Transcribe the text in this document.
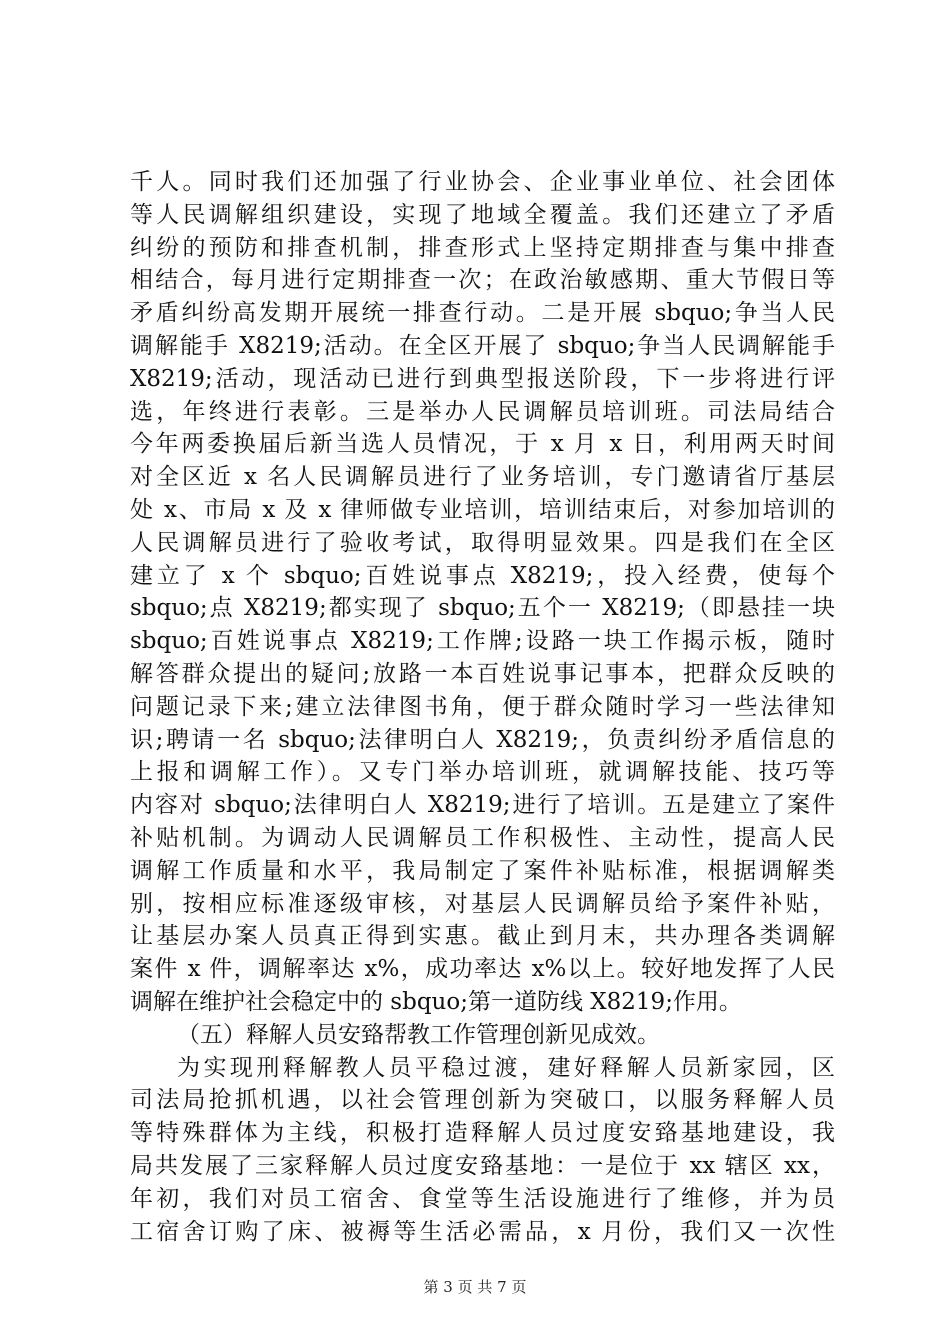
千人。同时我们还加强了行业协会、企业事业单位、社会团体
等人民调解组织建设，实现了地域全覆盖。我们还建立了矛盾
纠纷的预防和排查机制，排查形式上坚持定期排查与集中排查
相结合，每月进行定期排查一次；在政治敏感期、重大节假日等
矛盾纠纷高发期开展统一排查行动。二是开展 sbquo;争当人民
调解能手 X8219;活动。在全区开展了 sbquo;争当人民调解能手
X8219;活动，现活动已进行到典型报送阶段，下一步将进行评
选，年终进行表彰。三是举办人民调解员培训班。司法局结合
今年两委换届后新当选人员情况，于 x 月 x 日，利用两天时间
对全区近 x 名人民调解员进行了业务培训，专门邀请省厅基层
处 x、市局 x 及 x 律师做专业培训，培训结束后，对参加培训的
人民调解员进行了验收考试，取得明显效果。四是我们在全区
建立了 x 个 sbquo;百姓说事点 X8219;，投入经费，使每个
sbquo;点 X8219;都实现了 sbquo;五个一 X8219;（即悬挂一块
sbquo;百姓说事点 X8219;工作牌;设路一块工作揭示板，随时
解答群众提出的疑问;放路一本百姓说事记事本，把群众反映的
问题记录下来;建立法律图书角，便于群众随时学习一些法律知
识;聘请一名 sbquo;法律明白人 X8219;，负责纠纷矛盾信息的
上报和调解工作）。又专门举办培训班，就调解技能、技巧等
内容对 sbquo;法律明白人 X8219;进行了培训。五是建立了案件
补贴机制。为调动人民调解员工作积极性、主动性，提高人民
调解工作质量和水平，我局制定了案件补贴标准，根据调解类
别，按相应标准逐级审核，对基层人民调解员给予案件补贴，
让基层办案人员真正得到实惠。截止到月末，共办理各类调解
案件 x 件，调解率达 x%，成功率达 x%以上。较好地发挥了人民
调解在维护社会稳定中的 sbquo;第一道防线 X8219;作用。
（五）释解人员安臵帮教工作管理创新见成效。
为实现刑释解教人员平稳过渡，建好释解人员新家园，区
司法局抢抓机遇，以社会管理创新为突破口，以服务释解人员
等特殊群体为主线，积极打造释解人员过度安臵基地建设，我
局共发展了三家释解人员过度安臵基地：一是位于 xx 辖区 xx，
年初，我们对员工宿舍、食堂等生活设施进行了维修，并为员
工宿舍订购了床、被褥等生活必需品，x 月份，我们又一次性
第 3 页 共 7 页
